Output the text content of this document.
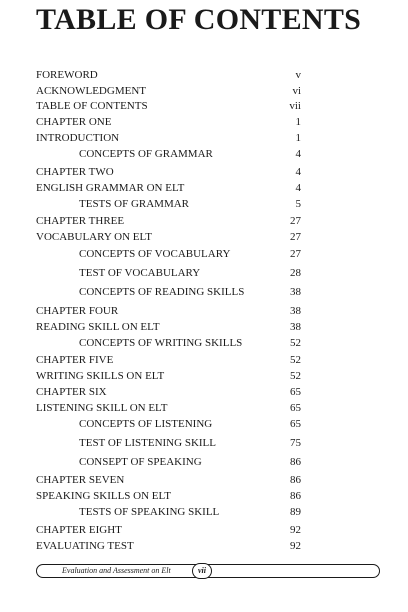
TABLE OF CONTENTS
FOREWORD	v
ACKNOWLEDGMENT	vi
TABLE OF CONTENTS	vii
CHAPTER ONE	1
INTRODUCTION	1
CONCEPTS OF GRAMMAR	4
CHAPTER TWO	4
ENGLISH GRAMMAR ON ELT	4
TESTS OF GRAMMAR	5
CHAPTER THREE	27
VOCABULARY ON ELT	27
CONCEPTS OF VOCABULARY	27
TEST OF VOCABULARY	28
CONCEPTS OF READING SKILLS	38
CHAPTER FOUR	38
READING SKILL ON ELT	38
CONCEPTS OF WRITING SKILLS	52
CHAPTER FIVE	52
WRITING SKILLS ON ELT	52
CHAPTER SIX	65
LISTENING SKILL ON ELT	65
CONCEPTS OF LISTENING	65
TEST OF LISTENING SKILL	75
CONSEPT OF SPEAKING	86
CHAPTER SEVEN	86
SPEAKING SKILLS ON ELT	86
TESTS OF SPEAKING SKILL	89
CHAPTER EIGHT	92
EVALUATING TEST	92
Evaluation and Assessment on Elt	vii
